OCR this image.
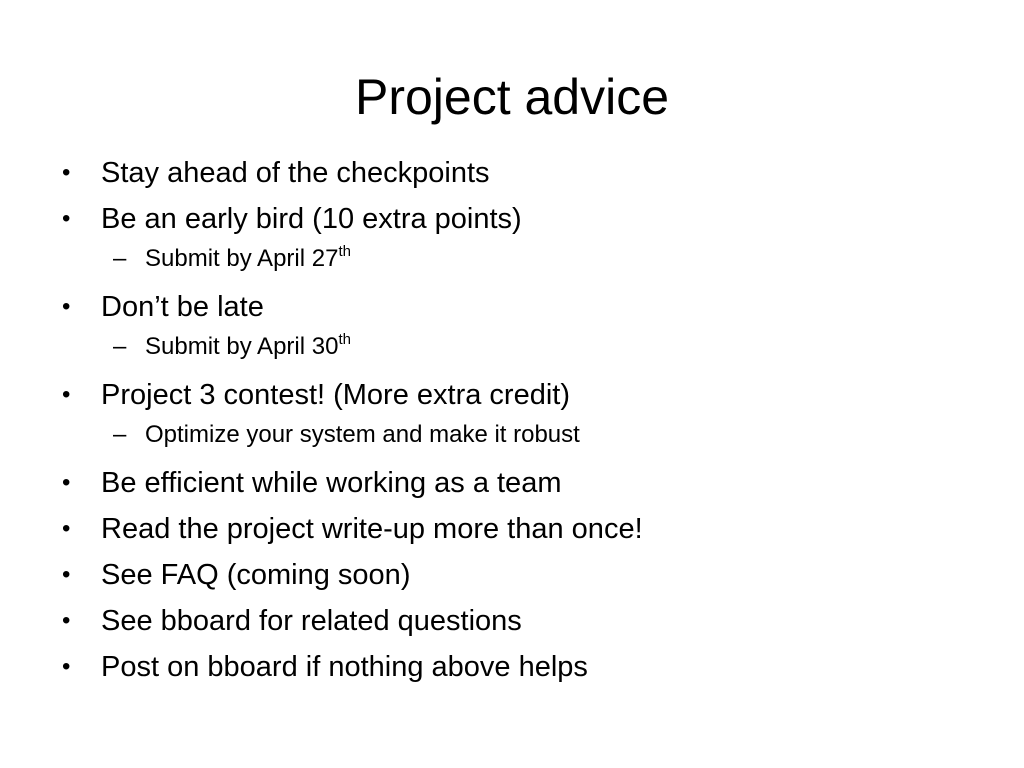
Project advice
• Stay ahead of the checkpoints
• Be an early bird (10 extra points)
– Submit by April 27th
• Don’t be late
– Submit by April 30th
• Project 3 contest! (More extra credit)
– Optimize your system and make it robust
• Be efficient while working as a team
• Read the project write-up more than once!
• See FAQ (coming soon)
• See bboard for related questions
• Post on bboard if nothing above helps
